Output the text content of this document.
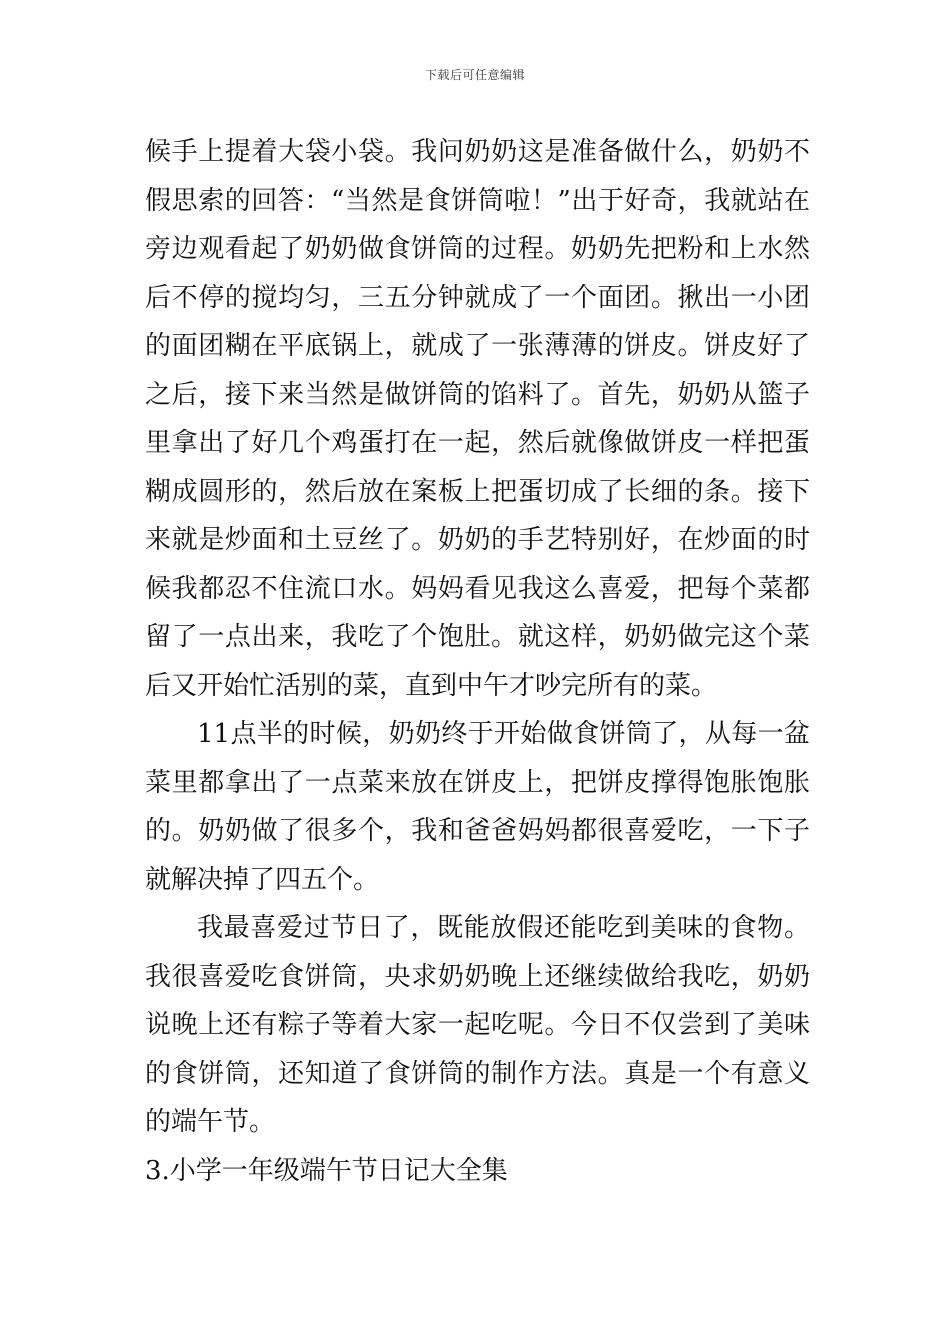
下载后可任意编辑

候手上提着大袋小袋。我问奶奶这是准备做什么，奶奶不假思索的回答：“当然是食饼筒啦！”出于好奇，我就站在旁边观看起了奶奶做食饼筒的过程。奶奶先把粉和上水然后不停的搅均匀，三五分钟就成了一个面团。揪出一小团的面团糊在平底锅上，就成了一张薄薄的饼皮。饼皮好了之后，接下来当然是做饼筒的馅料了。首先，奶奶从篮子里拿出了好几个鸡蛋打在一起，然后就像做饼皮一样把蛋糊成圆形的，然后放在案板上把蛋切成了长细的条。接下来就是炒面和土豆丝了。奶奶的手艺特别好，在炒面的时候我都忍不住流口水。妈妈看见我这么喜爱，把每个菜都留了一点出来，我吃了个饱肚。就这样，奶奶做完这个菜后又开始忙活别的菜，直到中午才吵完所有的菜。

11点半的时候，奶奶终于开始做食饼筒了，从每一盆菜里都拿出了一点菜来放在饼皮上，把饼皮撑得饱胀饱胀的。奶奶做了很多个，我和爸爸妈妈都很喜爱吃，一下子就解决掉了四五个。

我最喜爱过节日了，既能放假还能吃到美味的食物。我很喜爱吃食饼筒，央求奶奶晚上还继续做给我吃，奶奶说晚上还有粽子等着大家一起吃呢。今日不仅尝到了美味的食饼筒，还知道了食饼筒的制作方法。真是一个有意义的端午节。

3.小学一年级端午节日记大全集
